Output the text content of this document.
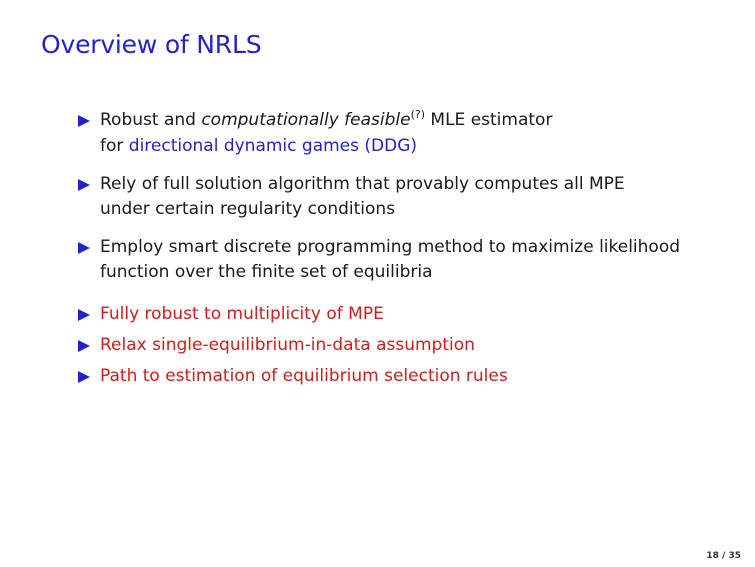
Overview of NRLS
Robust and computationally feasible(?) MLE estimator
for directional dynamic games (DDG)
Rely of full solution algorithm that provably computes all MPE
under certain regularity conditions
Employ smart discrete programming method to maximize likelihood
function over the finite set of equilibria
Fully robust to multiplicity of MPE
Relax single-equilibrium-in-data assumption
Path to estimation of equilibrium selection rules
18 / 35
